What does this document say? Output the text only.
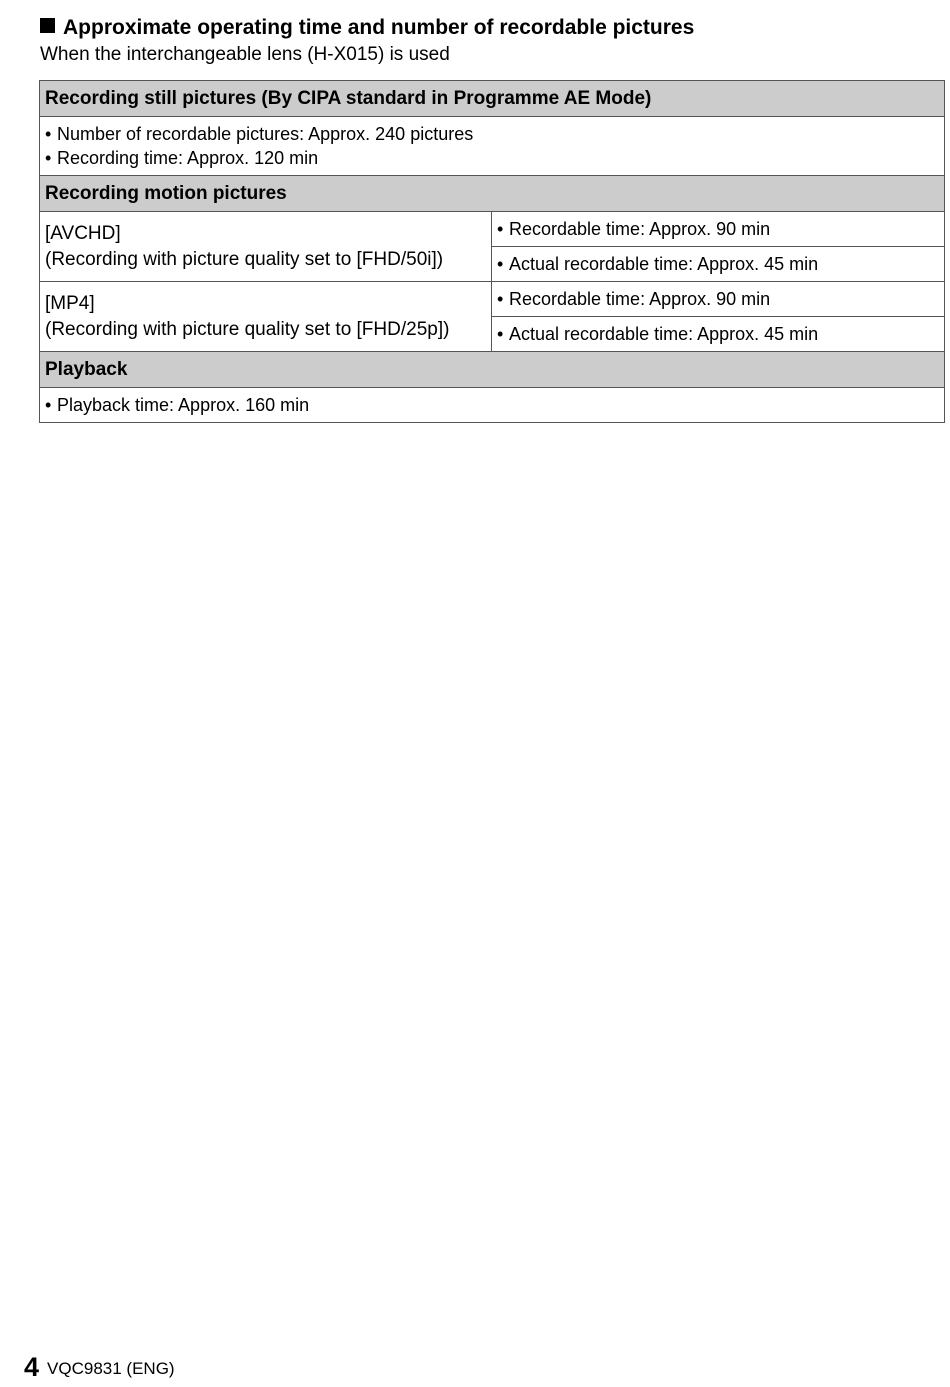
Approximate operating time and number of recordable pictures
When the interchangeable lens (H-X015) is used
Recording still pictures (By CIPA standard in Programme AE Mode)	

• Number of recordable pictures: Approx. 240 pictures
• Recording time: Approx. 120 min	

Recording motion pictures	

[AVCHD]
(Recording with picture quality set to [FHD/50i])	• Recordable time: Approx. 90 min

	• Actual recordable time: Approx. 45 min

[MP4]
(Recording with picture quality set to [FHD/25p])	• Recordable time: Approx. 90 min

	• Actual recordable time: Approx. 45 min

Playback	

• Playback time: Approx. 160 min	
4 VQC9831 (ENG)
